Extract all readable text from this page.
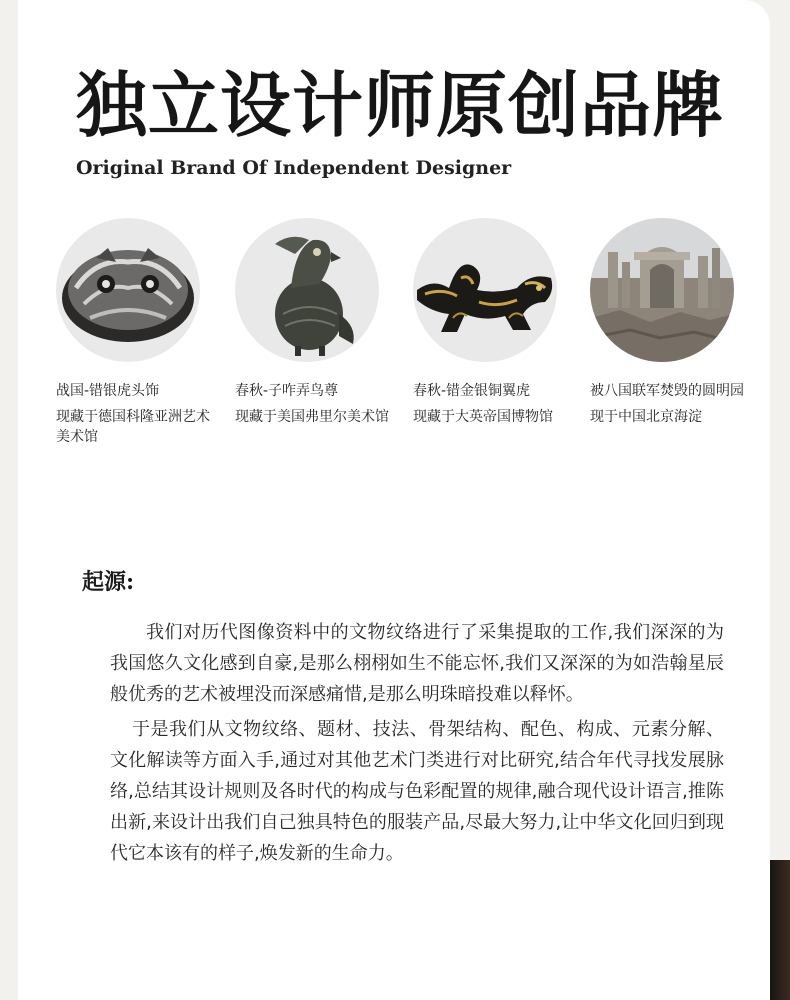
独立设计师原创品牌
Original Brand Of Independent Designer
战国-错银虎头饰
现藏于德国科隆亚洲艺术美术馆
春秋-子咋弄鸟尊
现藏于美国弗里尔美术馆
春秋-错金银铜翼虎
现藏于大英帝国博物馆
被八国联军焚毁的圆明园
现于中国北京海淀
起源:

我们对历代图像资料中的文物纹络进行了采集提取的工作,我们深深的为我国悠久文化感到自豪,是那么栩栩如生不能忘怀,我们又深深的为如浩翰星辰般优秀的艺术被埋没而深感痛惜,是那么明珠暗投难以释怀。

于是我们从文物纹络、题材、技法、骨架结构、配色、构成、元素分解、文化解读等方面入手,通过对其他艺术门类进行对比研究,结合年代寻找发展脉络,总结其设计规则及各时代的构成与色彩配置的规律,融合现代设计语言,推陈出新,来设计出我们自己独具特色的服装产品,尽最大努力,让中华文化回归到现代它本该有的样子,焕发新的生命力。
